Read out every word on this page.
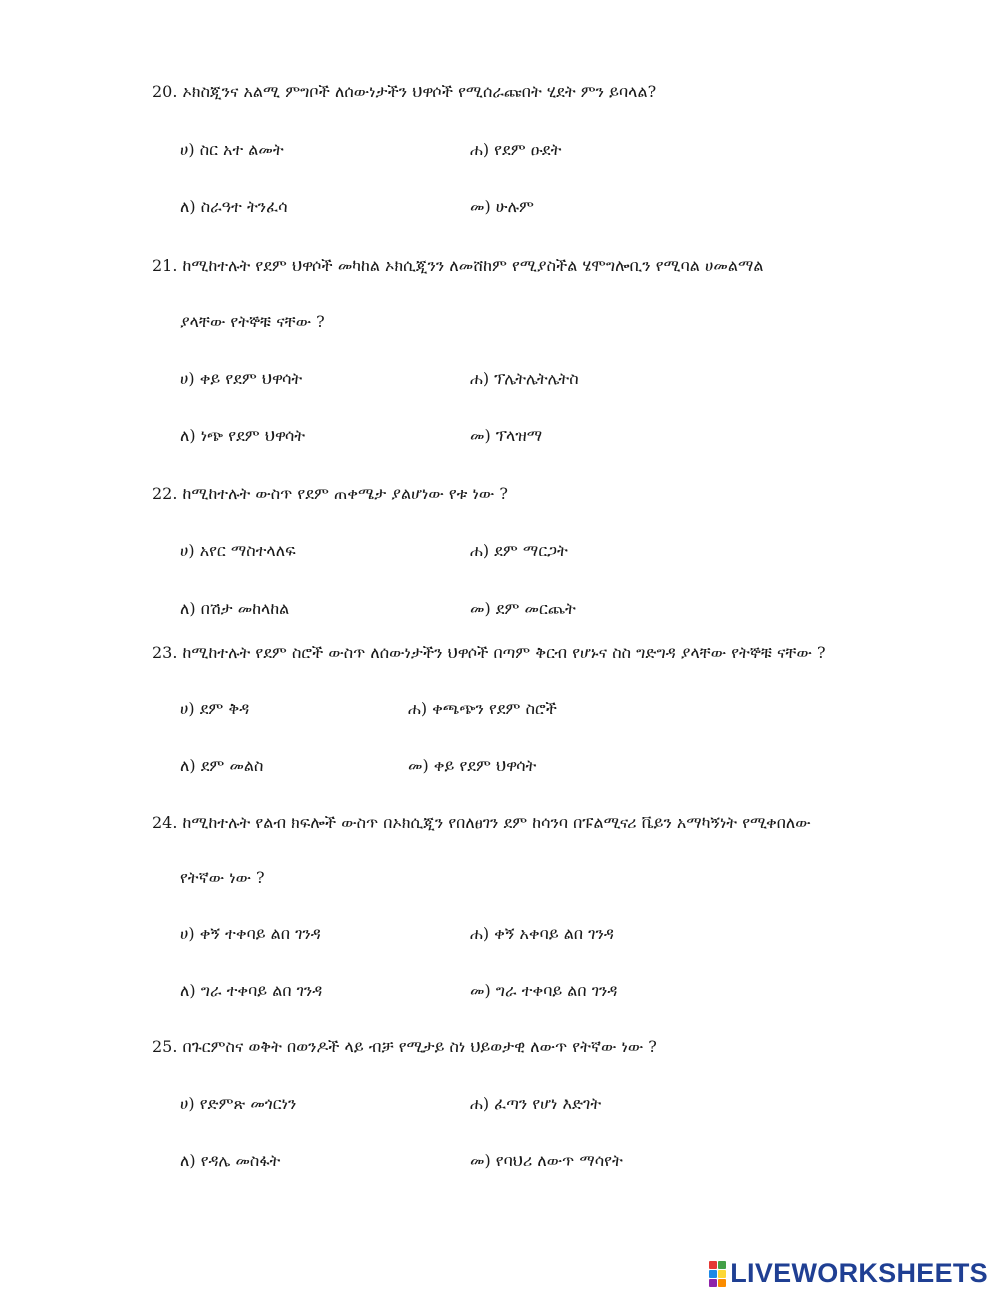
20. ኦክስጂንና አልሚ ምግቦች ለሰውነታችን ህዋሶች የሚሰራጩበት ሂደት ምን ይባላል?
ሀ) ስር አተ ልመት	ሐ) የደም ዑደት
ለ) ስራዓተ ትንፈሳ	መ) ሁሉም
21. ከሚከተሉት የደም ህዋሶች መካከል ኦክሲጂንን ለመሸከም የሚያስችል ሄሞግሎቢን የሚባል ሀመልማል
ያላቸው የትኞቹ ናቸው ?
ሀ) ቀይ የደም ህዋሳት	ሐ) ፕሌትሌትሌትስ
ለ) ነጭ የደም ህዋሳት	መ) ፕላዝማ
22. ከሚከተሉት ውስጥ የደም ጠቀሜታ ያልሆነው የቱ ነው ?
ሀ) አየር ማስተላለፍ	ሐ) ደም ማርጋት
ለ) በሽታ መከላከል	መ) ደም መርጨት
23. ከሚከተሉት የደም ስሮች ውስጥ ለሰውነታችን ህዋሶች በጣም ቅርብ የሆኑና ስስ ግድግዳ ያላቸው የትኞቹ ናቸው ?
ሀ) ደም ቅዳ	ሐ) ቀጫጭን የደም ስሮች
ለ) ደም መልስ	መ) ቀይ የደም ህዋሳት
24. ከሚከተሉት የልብ ክፍሎች ውስጥ በኦክሲጂን የበለፀገን ደም ከሳንባ በፑልሚናሪ ቬይን አማካኝነት የሚቀበለው
የትኛው ነው ?
ሀ) ቀኝ ተቀባይ ልበ ገንዳ	ሐ) ቀኝ አቀባይ ልበ ገንዳ
ለ) ግራ ተቀባይ ልበ ገንዳ	መ) ግራ ተቀባይ ልበ ገንዳ
25. በጉርምስና ወቅት በወንዶች ላይ ብቻ የሚታይ ስነ ህይወታዊ ለውጥ የትኛው ነው ?
ሀ) የድምጽ መጎርነን	ሐ) ፈጣን የሆነ እድገት
ለ) የዳሌ መስፋት	መ) የባህሪ ለውጥ ማሳየት
LIVEWORKSHEETS
